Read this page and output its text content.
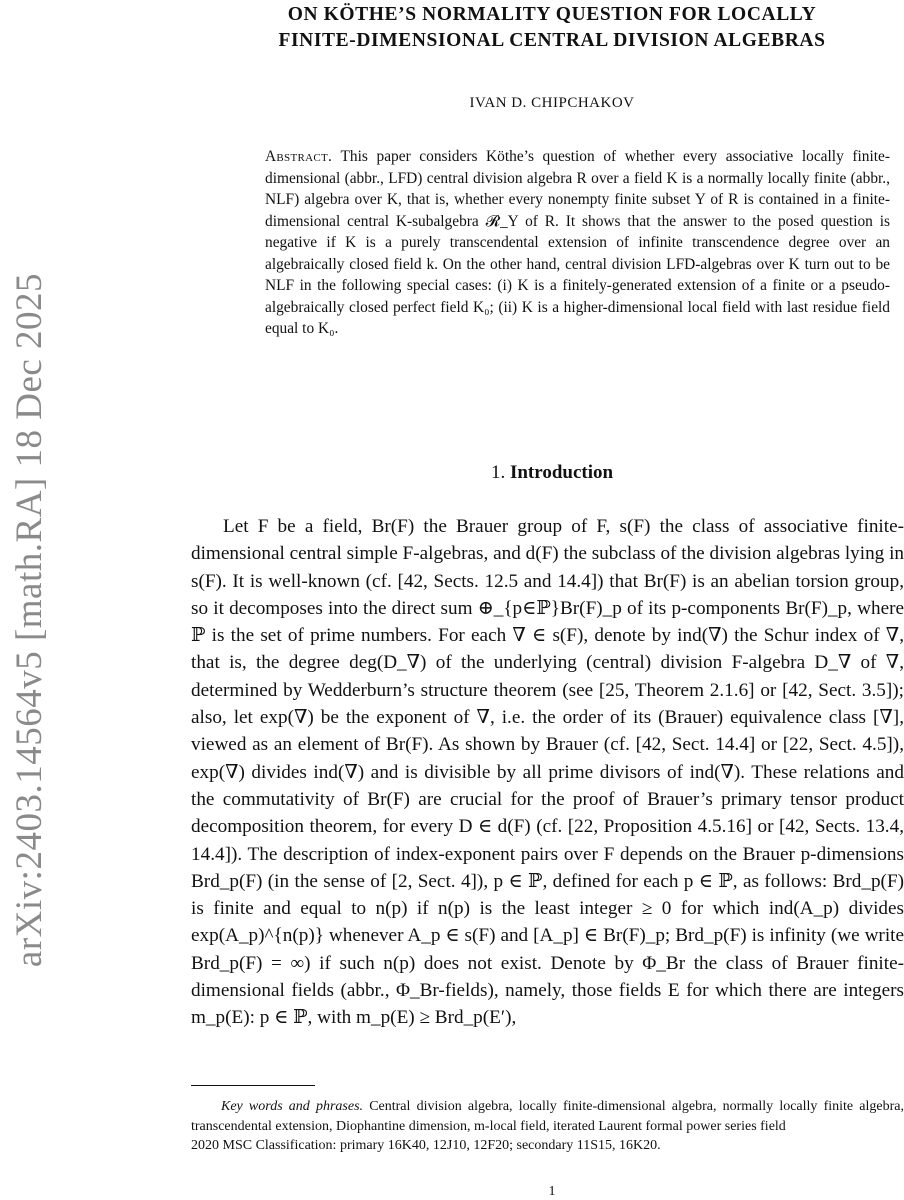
arXiv:2403.14564v5 [math.RA] 18 Dec 2025
ON KÖTHE’S NORMALITY QUESTION FOR LOCALLY
FINITE-DIMENSIONAL CENTRAL DIVISION ALGEBRAS
IVAN D. CHIPCHAKOV
Abstract. This paper considers Köthe’s question of whether every associative locally finite-dimensional (abbr., LFD) central division algebra R over a field K is a normally locally finite (abbr., NLF) algebra over K, that is, whether every nonempty finite subset Y of R is contained in a finite-dimensional central K-subalgebra 𝓡_Y of R. It shows that the answer to the posed question is negative if K is a purely transcendental extension of infinite transcendence degree over an algebraically closed field k. On the other hand, central division LFD-algebras over K turn out to be NLF in the following special cases: (i) K is a finitely-generated extension of a finite or a pseudo-algebraically closed perfect field K₀; (ii) K is a higher-dimensional local field with last residue field equal to K₀.
1. Introduction

Let F be a field, Br(F) the Brauer group of F, s(F) the class of associative finite-dimensional central simple F-algebras, and d(F) the subclass of the division algebras lying in s(F). It is well-known (cf. [42, Sects. 12.5 and 14.4]) that Br(F) is an abelian torsion group, so it decomposes into the direct sum ⊕_{p∈ℙ}Br(F)_p of its p-components Br(F)_p, where ℙ is the set of prime numbers. For each ∇ ∈ s(F), denote by ind(∇) the Schur index of ∇, that is, the degree deg(D_∇) of the underlying (central) division F-algebra D_∇ of ∇, determined by Wedderburn’s structure theorem (see [25, Theorem 2.1.6] or [42, Sect. 3.5]); also, let exp(∇) be the exponent of ∇, i.e. the order of its (Brauer) equivalence class [∇], viewed as an element of Br(F). As shown by Brauer (cf. [42, Sect. 14.4] or [22, Sect. 4.5]), exp(∇) divides ind(∇) and is divisible by all prime divisors of ind(∇). These relations and the commutativity of Br(F) are crucial for the proof of Brauer’s primary tensor product decomposition theorem, for every D ∈ d(F) (cf. [22, Proposition 4.5.16] or [42, Sects. 13.4, 14.4]). The description of index-exponent pairs over F depends on the Brauer p-dimensions Brd_p(F) (in the sense of [2, Sect. 4]), p ∈ ℙ, defined for each p ∈ ℙ, as follows: Brd_p(F) is finite and equal to n(p) if n(p) is the least integer ≥ 0 for which ind(A_p) divides exp(A_p)^{n(p)} whenever A_p ∈ s(F) and [A_p] ∈ Br(F)_p; Brd_p(F) is infinity (we write Brd_p(F) = ∞) if such n(p) does not exist. Denote by Φ_Br the class of Brauer finite-dimensional fields (abbr., Φ_Br-fields), namely, those fields E for which there are integers m_p(E): p ∈ ℙ, with m_p(E) ≥ Brd_p(E′),

Key words and phrases. Central division algebra, locally finite-dimensional algebra, normally locally finite algebra, transcendental extension, Diophantine dimension, m-local field, iterated Laurent formal power series field

2020 MSC Classification: primary 16K40, 12J10, 12F20; secondary 11S15, 16K20.

1
